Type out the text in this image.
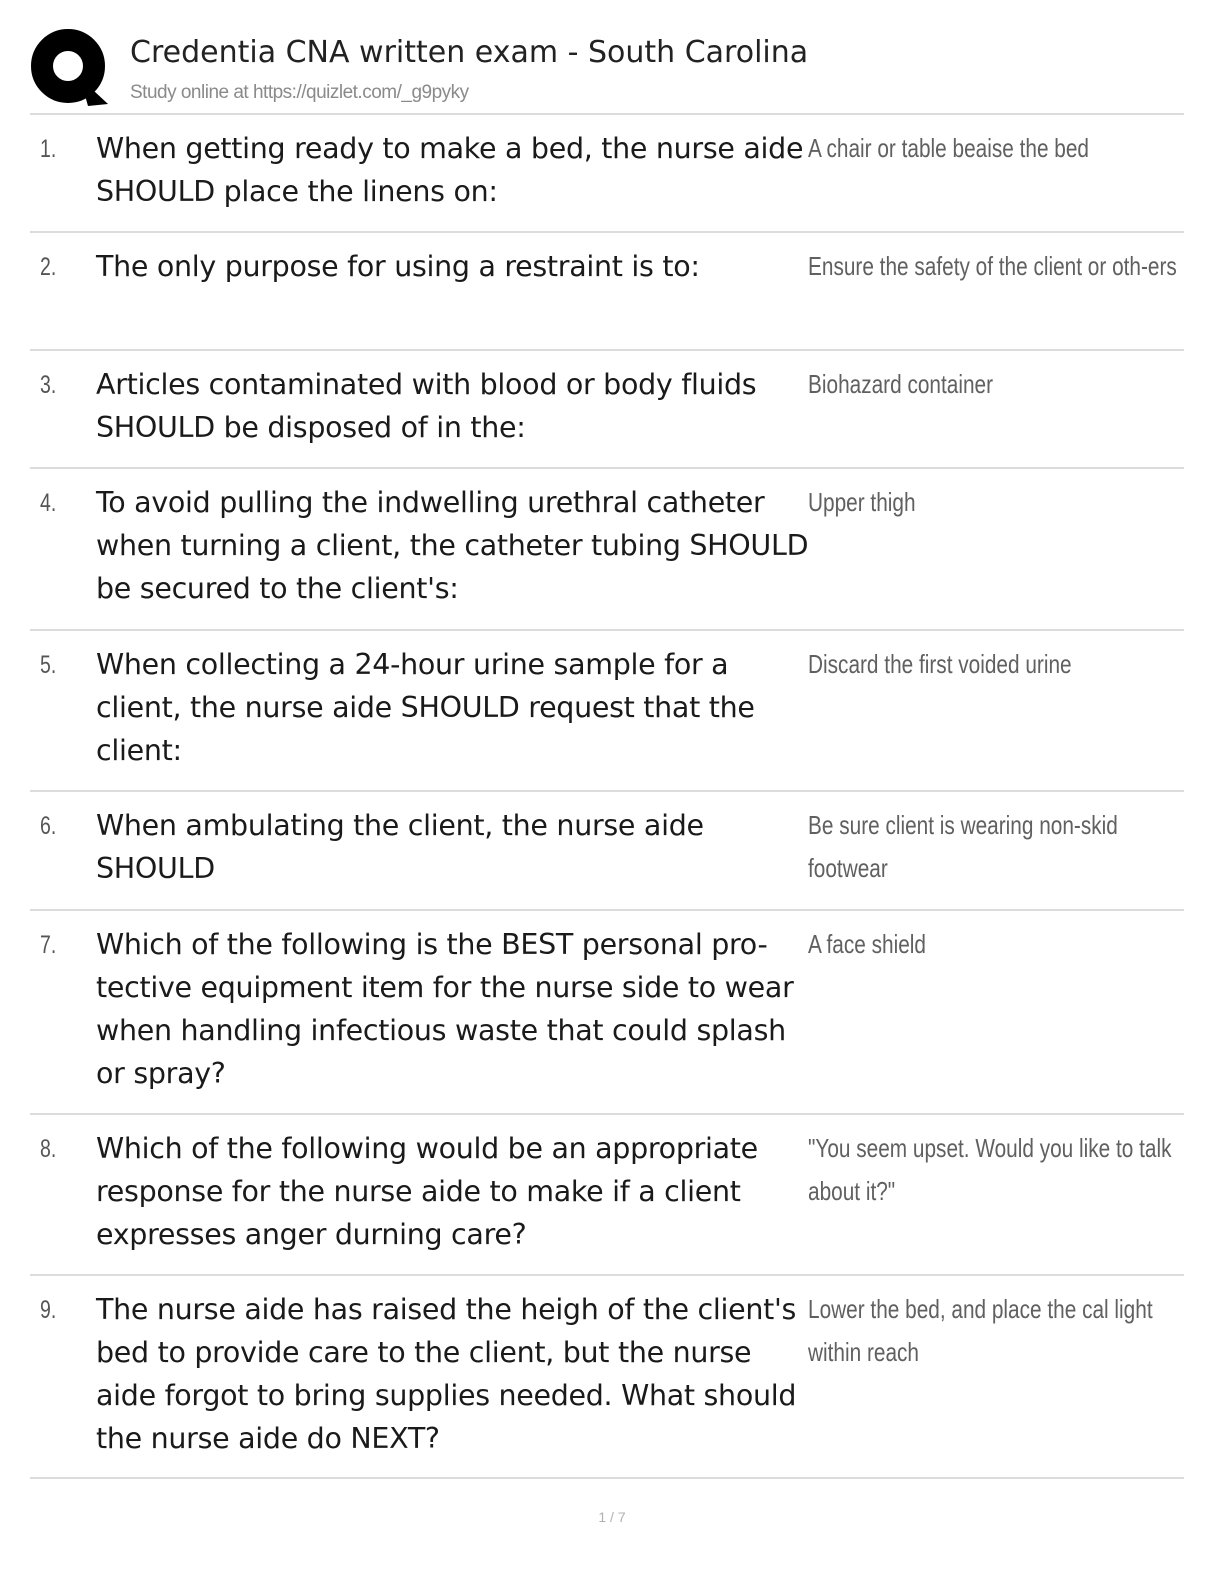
Credentia CNA written exam - South Carolina
Study online at https://quizlet.com/_g9pyky
1. When getting ready to make a bed, the nurse aide SHOULD place the linens on:
A chair or table beaise the bed
2. The only purpose for using a restraint is to:	Ensure the safety of the client or oth-ers
3. Articles contaminated with blood or body fluids SHOULD be disposed of in the:
Biohazard container
4. To avoid pulling the indwelling urethral catheter when turning a client, the catheter tubing SHOULD be secured to the client's:
Upper thigh
5. When collecting a 24-hour urine sample for a client, the nurse aide SHOULD request that the client:
Discard the first voided urine
6. When ambulating the client, the nurse aide SHOULD
Be sure client is wearing non-skid footwear
7. Which of the following is the BEST personal pro-tective equipment item for the nurse side to wear when handling infectious waste that could splash or spray?
A face shield
8. Which of the following would be an appropriate response for the nurse aide to make if a client expresses anger durning care?
"You seem upset. Would you like to talk about it?"
9. The nurse aide has raised the heigh of the client's bed to provide care to the client, but the nurse aide forgot to bring supplies needed. What should the nurse aide do NEXT?
Lower the bed, and place the cal light within reach
1 / 7
